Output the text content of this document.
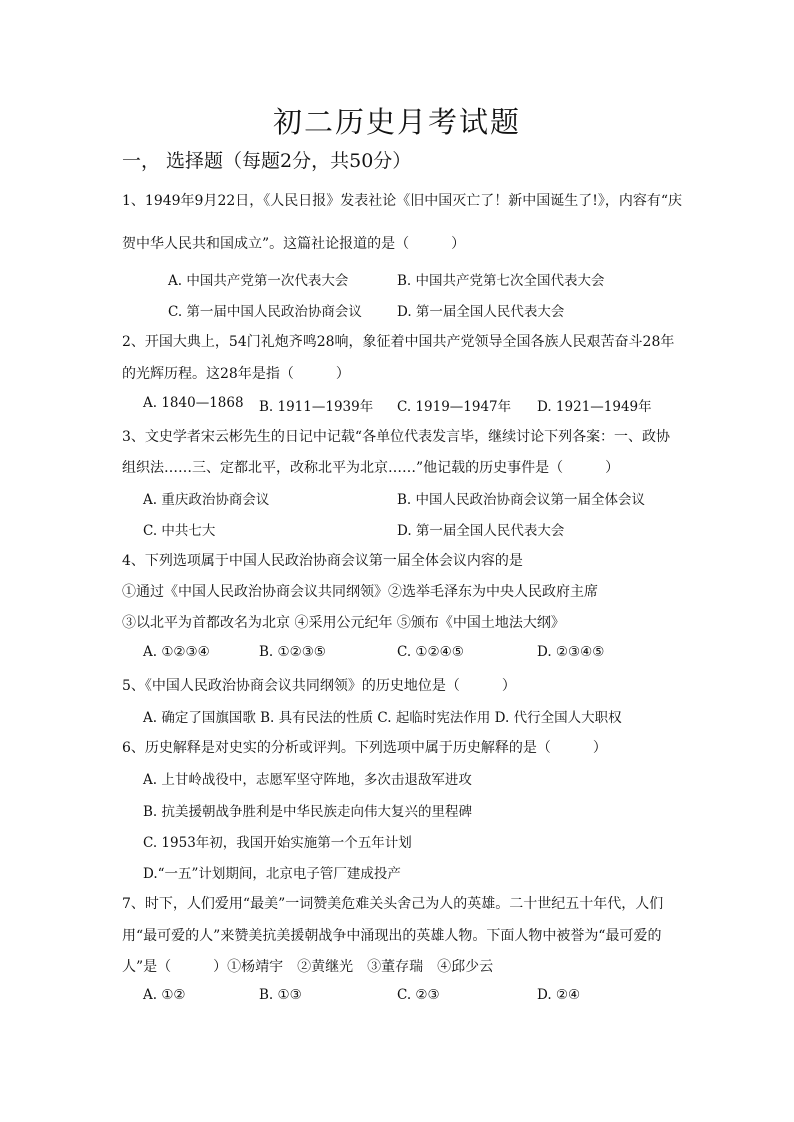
初二历史月考试题
一， 选择题（每题2分，共50分）
1、1949年9月22日，《人民日报》发表社论《旧中国灭亡了！新中国诞生了!》，内容有“庆
贺中华人民共和国成立”。这篇社论报道的是（　　　）
A. 中国共产党第一次代表大会	B. 中国共产党第七次全国代表大会
C. 第一届中国人民政治协商会议	D. 第一届全国人民代表大会
2、开国大典上，54门礼炮齐鸣28响，象征着中国共产党领导全国各族人民艰苦奋斗28年
的光辉历程。这28年是指（　　　）
A. 1840—1868 B. 1911—1939年 C. 1919—1947年 D. 1921—1949年
3、文史学者宋云彬先生的日记中记载“各单位代表发言毕，继续讨论下列各案：一、政协
组织法……三、定都北平，改称北平为北京……”他记载的历史事件是（　　　）
A. 重庆政治协商会议	B. 中国人民政治协商会议第一届全体会议
C. 中共七大	D. 第一届全国人民代表大会
4、下列选项属于中国人民政治协商会议第一届全体会议内容的是
①通过《中国人民政治协商会议共同纲领》②选举毛泽东为中央人民政府主席
③以北平为首都改名为北京 ④采用公元纪年 ⑤颁布《中国土地法大纲》
A. ①②③④	B. ①②③⑤	C. ①②④⑤	D. ②③④⑤
5、《中国人民政治协商会议共同纲领》的历史地位是（　　　）
A. 确定了国旗国歌 B. 具有民法的性质 C. 起临时宪法作用 D. 代行全国人大职权
6、历史解释是对史实的分析或评判。下列选项中属于历史解释的是（　　　）
A. 上甘岭战役中，志愿军坚守阵地，多次击退敌军进攻
B. 抗美援朝战争胜利是中华民族走向伟大复兴的里程碑
C. 1953年初，我国开始实施第一个五年计划
D.“一五”计划期间，北京电子管厂建成投产
7、时下，人们爱用“最美”一词赞美危难关头舍己为人的英雄。二十世纪五十年代，人们
用“最可爱的人”来赞美抗美援朝战争中涌现出的英雄人物。下面人物中被誉为“最可爱的
人”是（　　　）①杨靖宇　②黄继光　③董存瑞　④邱少云
A. ①②	B. ①③	C. ②③	D. ②④
